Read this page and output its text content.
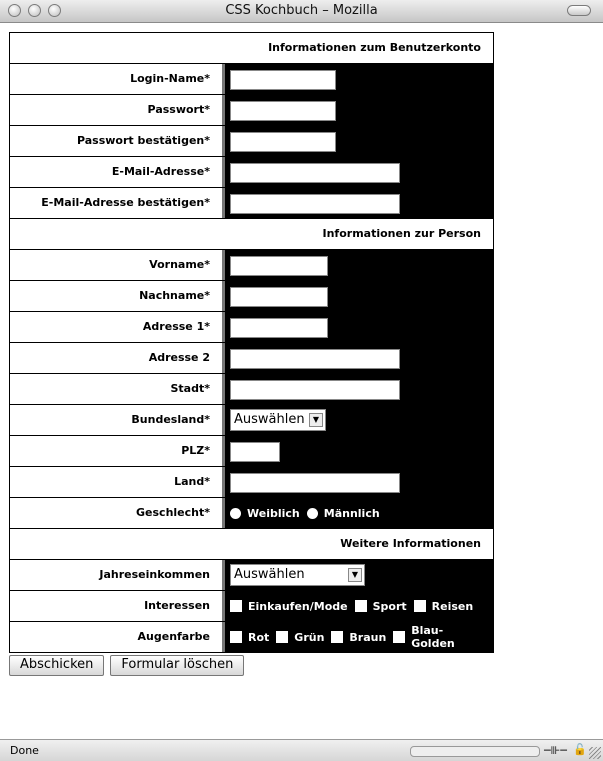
CSS Kochbuch – Mozilla
Informationen zum Benutzerkonto
Login-Name*
Passwort*
Passwort bestätigen*
E-Mail-Adresse*
E-Mail-Adresse bestätigen*
Informationen zur Person
Vorname*
Nachname*
Adresse 1*
Adresse 2
Stadt*
Bundesland*	Auswählen	▼
PLZ*
Land*
Geschlecht*	Weiblich Männlich
Weitere Informationen
Jahreseinkommen	Auswählen	▼
Interessen	Einkaufen/Mode Sport Reisen
Augenfarbe	Rot Grün Braun Blau-Golden
Abschicken	Formular löschen
Done	─⊪─ 🔓
